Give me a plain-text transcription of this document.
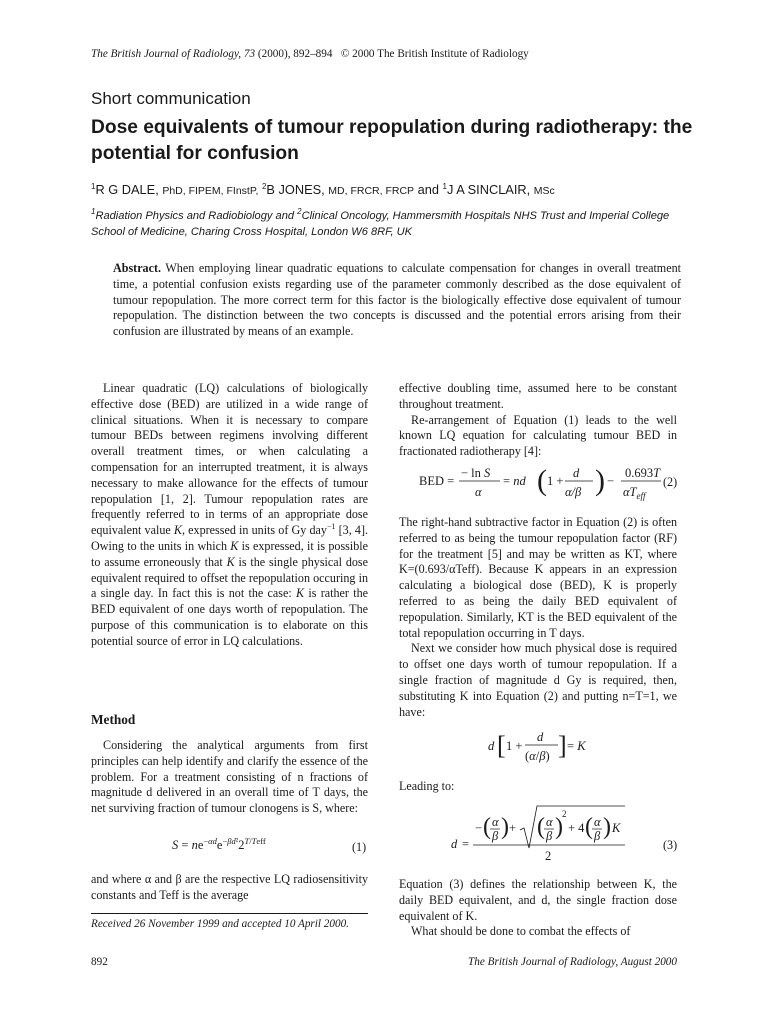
The British Journal of Radiology, 73 (2000), 892–894 © 2000 The British Institute of Radiology
Short communication
Dose equivalents of tumour repopulation during radiotherapy: the potential for confusion
$^1$R G DALE, PhD, FIPEM, FInstP, $^2$B JONES, MD, FRCR, FRCP and $^1$J A SINCLAIR, MSc
$^1$Radiation Physics and Radiobiology and $^2$Clinical Oncology, Hammersmith Hospitals NHS Trust and Imperial College School of Medicine, Charing Cross Hospital, London W6 8RF, UK
Abstract. When employing linear quadratic equations to calculate compensation for changes in overall treatment time, a potential confusion exists regarding use of the parameter commonly described as the dose equivalent of tumour repopulation. The more correct term for this factor is the biologically effective dose equivalent of tumour repopulation. The distinction between the two concepts is discussed and the potential errors arising from their confusion are illustrated by means of an example.

Linear quadratic (LQ) calculations of biologically effective dose (BED) are utilized in a wide range of clinical situations. When it is necessary to compare tumour BEDs between regimens involving different overall treatment times, or when calculating a compensation for an interrupted treatment, it is always necessary to make allowance for the effects of tumour repopulation [1, 2]. Tumour repopulation rates are frequently referred to in terms of an appropriate dose equivalent value K, expressed in units of Gy day$^{-1}$ [3, 4]. Owing to the units in which K is expressed, it is possible to assume erroneously that K is the single physical dose equivalent required to offset the repopulation occuring in a single day. In fact this is not the case: K is rather the BED equivalent of one days worth of repopulation. The purpose of this communication is to elaborate on this potential source of error in LQ calculations.

Method

Considering the analytical arguments from first principles can help identify and clarify the essence of the problem. For a treatment consisting of n fractions of magnitude d delivered in an overall time of T days, the net surviving fraction of tumour clonogens is S, where:

$S = ne^{-\alpha d}e^{-\beta d^2}2^{T/Teff}$	(1)
and where α and β are the respective LQ radiosensitivity constants and Teff is the average

effective doubling time, assumed here to be constant throughout treatment.

Re-arrangement of Equation (1) leads to the well known LQ equation for calculating tumour BED in fractionated radiotherapy [4]:

BED =
− ln S
α
= nd ( 1 +
d
α/β ) −
0.693T
$\alpha T_{eff}$
(2)

The right-hand subtractive factor in Equation (2) is often referred to as being the tumour repopulation factor (RF) for the treatment [5] and may be written as KT, where K=(0.693/αTeff). Because K appears in an expression calculating a biological dose (BED), K is properly referred to as being the daily BED equivalent of repopulation. Similarly, KT is the BED equivalent of the total repopulation occurring in T days.

Next we consider how much physical dose is required to offset one days worth of tumour repopulation. If a single fraction of magnitude d Gy is required, then, substituting K into Equation (2) and putting n=T=1, we have:

d [ 1 +
d
(α/β) ] = K
Leading to:
d =
− ( α
β ) + ( α
β ) 2
+ 4 ( α
β ) K
2
(3)

Equation (3) defines the relationship between K, the daily BED equivalent, and d, the single fraction dose equivalent of K.

What should be done to combat the effects of

Received 26 November 1999 and accepted 10 April 2000.
892	The British Journal of Radiology, August 2000
